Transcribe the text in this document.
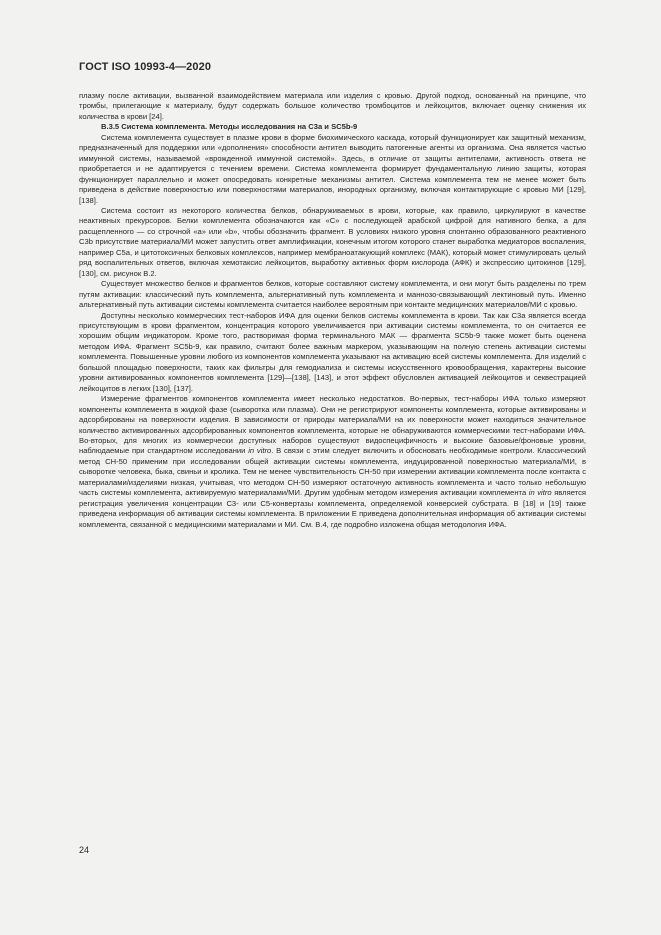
ГОСТ ISO 10993-4—2020

плазму после активации, вызванной взаимодействием материала или изделия с кровью. Другой подход, основанный на принципе, что тромбы, прилегающие к материалу, будут содержать большое количество тромбоцитов и лейкоцитов, включает оценку снижения их количества в крови [24].

В.3.5 Система комплемента. Методы исследования на C3a и SC5b-9

Система комплемента существует в плазме крови в форме биохимического каскада, который функционирует как защитный механизм, предназначенный для поддержки или «дополнения» способности антител выводить патогенные агенты из организма. Она является частью иммунной системы, называемой «врожденной иммунной системой». Здесь, в отличие от защиты антителами, активность ответа не приобретается и не адаптируется с течением времени. Система комплемента формирует фундаментальную линию защиты, которая функционирует параллельно и может опосредовать конкретные механизмы антител. Система комплемента тем не менее может быть приведена в действие поверхностью или поверхностями материалов, инородных организму, включая контактирующие с кровью МИ [129], [138].

Система состоит из некоторого количества белков, обнаруживаемых в крови, которые, как правило, циркулируют в качестве неактивных прекурсоров. Белки комплемента обозначаются как «C» с последующей арабской цифрой для нативного белка, а для расщепленного — со строчной «a» или «b», чтобы обозначить фрагмент. В условиях низкого уровня спонтанно образованного реактивного C3b присутствие материала/МИ может запустить ответ амплификации, конечным итогом которого станет выработка медиаторов воспаления, например C5a, и цитотоксичных белковых комплексов, например мембраноатакующий комплекс (МАК), который может стимулировать целый ряд воспалительных ответов, включая хемотаксис лейкоцитов, выработку активных форм кислорода (АФК) и экспрессию цитокинов [129], [130], см. рисунок В.2.

Существует множество белков и фрагментов белков, которые составляют систему комплемента, и они могут быть разделены по трем путям активации: классический путь комплемента, альтернативный путь комплемента и маннозо-связывающий лектиновый путь. Именно альтернативный путь активации системы комплемента считается наиболее вероятным при контакте медицинских материалов/МИ с кровью.

Доступны несколько коммерческих тест-наборов ИФА для оценки белков системы комплемента в крови. Так как C3a является всегда присутствующим в крови фрагментом, концентрация которого увеличивается при активации системы комплемента, то он считается ее хорошим общим индикатором. Кроме того, растворимая форма терминального МАК — фрагмента SC5b-9 также может быть оценена методом ИФА. Фрагмент SC5b-9, как правило, считают более важным маркером, указывающим на полную степень активации системы комплемента. Повышенные уровни любого из компонентов комплемента указывают на активацию всей системы комплемента. Для изделий с большой площадью поверхности, таких как фильтры для гемодиализа и системы искусственного кровообращения, характерны высокие уровни активированных компонентов комплемента [129]—[138], [143], и этот эффект обусловлен активацией лейкоцитов и секвестрацией лейкоцитов в легких [130], [137].

Измерение фрагментов компонентов комплемента имеет несколько недостатков. Во-первых, тест-наборы ИФА только измеряют компоненты комплемента в жидкой фазе (сыворотка или плазма). Они не регистрируют компоненты комплемента, которые активированы и адсорбированы на поверхности изделия. В зависимости от природы материала/МИ на их поверхности может находиться значительное количество активированных адсорбированных компонентов комплемента, которые не обнаруживаются коммерческими тест-наборами ИФА. Во-вторых, для многих из коммерчески доступных наборов существуют видоспецифичность и высокие базовые/фоновые уровни, наблюдаемые при стандартном исследовании in vitro. В связи с этим следует включить и обосновать необходимые контроли. Классический метод CH-50 применим при исследовании общей активации системы комплемента, индуцированной поверхностью материала/МИ, в сыворотке человека, быка, свиньи и кролика. Тем не менее чувствительность CH-50 при измерении активации комплемента после контакта с материалами/изделиями низкая, учитывая, что методом CH-50 измеряют остаточную активность комплемента и часто только небольшую часть системы комплемента, активируемую материалами/МИ. Другим удобным методом измерения активации комплемента in vitro является регистрация увеличения концентрации C3- или C5-конвертазы комплемента, определяемой конверсией субстрата. В [18] и [19] также приведена информация об активации системы комплемента. В приложении Е приведена дополнительная информация об активации системы комплемента, связанной с медицинскими материалами и МИ. См. В.4, где подробно изложена общая методология ИФА.

24
